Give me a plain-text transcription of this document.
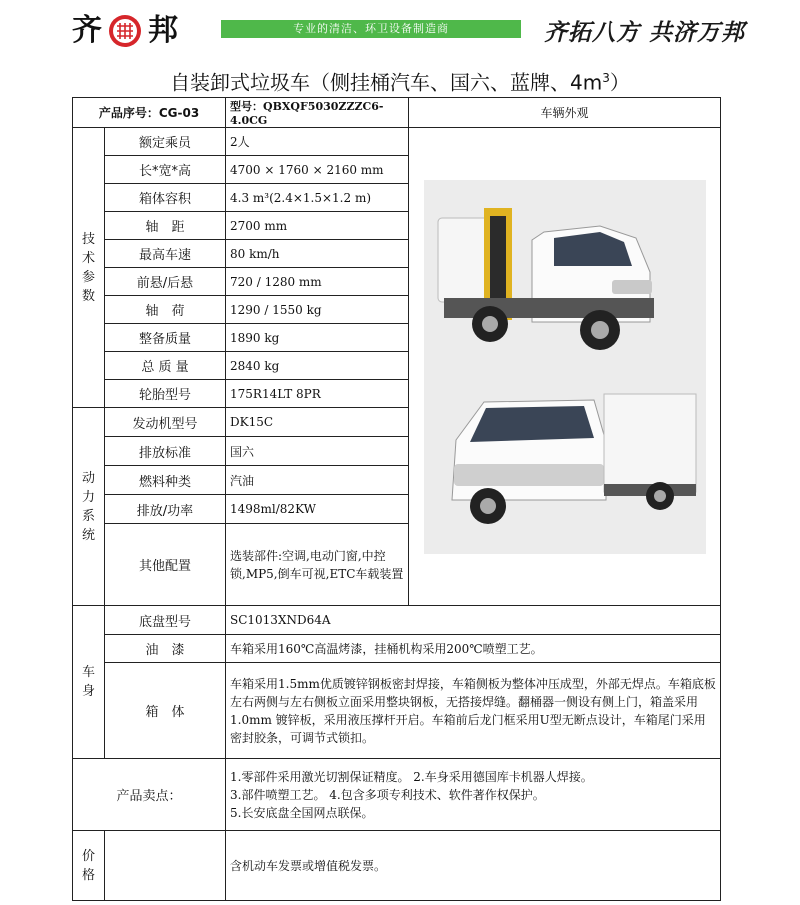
齐 邦	专业的清洁、环卫设备制造商	齐拓八方 共济万邦
自装卸式垃圾车（侧挂桶汽车、国六、蓝牌、$4m^3$）
产品序号：CG-03		型号：QBXQF5030ZZZC6-4.0CG	车辆外观

技术参数	额定乘员	2人	

	长*宽*高	4700 × 1760 × 2160 mm	
	箱体容积	4.3 m³(2.4×1.5×1.2 m)	
	轴　距	2700 mm	
	最高车速	80 km/h	
	前悬/后悬	720 / 1280 mm	
	轴　荷	1290 / 1550 kg	
	整备质量	1890 kg	
	总 质 量	2840 kg	
	轮胎型号	175R14LT 8PR	

动力系统	发动机型号	DK15C	
	排放标准	国六	
	燃料种类	汽油	
	排放/功率	1498ml/82KW	
	其他配置	选装部件:空调,电动门窗,中控锁,MP5,倒车可视,ETC车载装置	

车身	底盘型号	SC1013XND64A	
	油　漆	车箱采用160℃高温烤漆，挂桶机构采用200℃喷塑工艺。	
	箱　体	车箱采用1.5mm优质镀锌钢板密封焊接，车箱侧板为整体冲压成型，外部无焊点。车箱底板左右两侧与左右侧板立面采用整块钢板，无搭接焊缝。翻桶器一侧设有侧上门，箱盖采用1.0mm 镀锌板，采用液压撑杆开启。车箱前后龙门框采用U型无断点设计，车箱尾门采用密封胶条，可调节式锁扣。	
产品卖点：		1.零部件采用激光切割保证精度。 2.车身采用德国库卡机器人焊接。
3.部件喷塑工艺。 4.包含多项专利技术、软件著作权保护。
5.长安底盘全国网点联保。	

价格		含机动车发票或增值税发票。	
